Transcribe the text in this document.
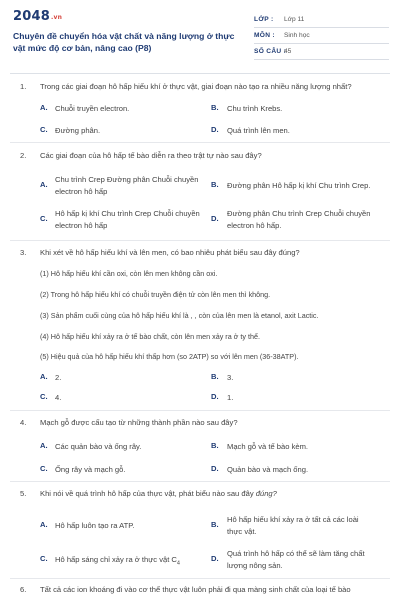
2048.vn
Chuyên đề chuyển hóa vật chất và năng lượng ở thực vật mức độ cơ bản, nâng cao (P8)
LỚP : Lớp 11
MÔN : Sinh học
SỐ CÂU :
45
1. Trong các giai đoạn hô hấp hiếu khí ở thực vật, giai đoạn nào tạo ra nhiều năng lượng nhất?
A. Chuỗi truyền electron.	B. Chu trình Krebs.
C. Đường phân.	D. Quá trình lên men.
2. Các giai đoạn của hô hấp tế bào diễn ra theo trật tự nào sau đây?
A.
Chu trình Crep Đường phân Chuỗi chuyền
electron hô hấp
B. Đường phân Hô hấp kị khí Chu trình Crep.
C.
Hô hấp kị khí Chu trình Crep Chuỗi chuyền
electron hô hấp
D.
Đường phân Chu trình Crep Chuỗi chuyền
electron hô hấp.
3. Khi xét về hô hấp hiếu khí và lên men, có bao nhiêu phát biểu sau đây đúng?
(1) Hô hấp hiếu khí cần oxi, còn lên men không cần oxi.
(2) Trong hô hấp hiếu khí có chuỗi truyền điện tử còn lên men thì không.
(3) Sản phẩm cuối cùng của hô hấp hiếu khí là , , còn của lên men là etanol, axit Lactic.
(4) Hô hấp hiếu khí xảy ra ở tế bào chất, còn lên men xảy ra ở ty thể.
(5) Hiệu quả của hô hấp hiếu khí thấp hơn (so 2ATP) so với lên men (36-38ATP).
A. 2.	B. 3.
C. 4.	D. 1.
4. Mạch gỗ được cấu tạo từ những thành phần nào sau đây?
A. Các quản bào và ống rây.	B. Mạch gỗ và tế bào kèm.
C. Ống rây và mạch gỗ.	D. Quản bào và mạch ống.
5. Khi nói về quá trình hô hấp của thực vật, phát biểu nào sau đây đúng?
A. Hô hấp luôn tạo ra ATP.	B.
Hô hấp hiếu khí xảy ra ở tất cả các loài
thực vật.
C. Hô hấp sáng chỉ xảy ra ở thực vật $C_4$
D.
Quá trình hô hấp có thể sẽ làm tăng chất
lượng nông sản.
6. Tất cả các ion khoáng đi vào cơ thể thực vật luôn phải đi qua màng sinh chất của loại tế bào
